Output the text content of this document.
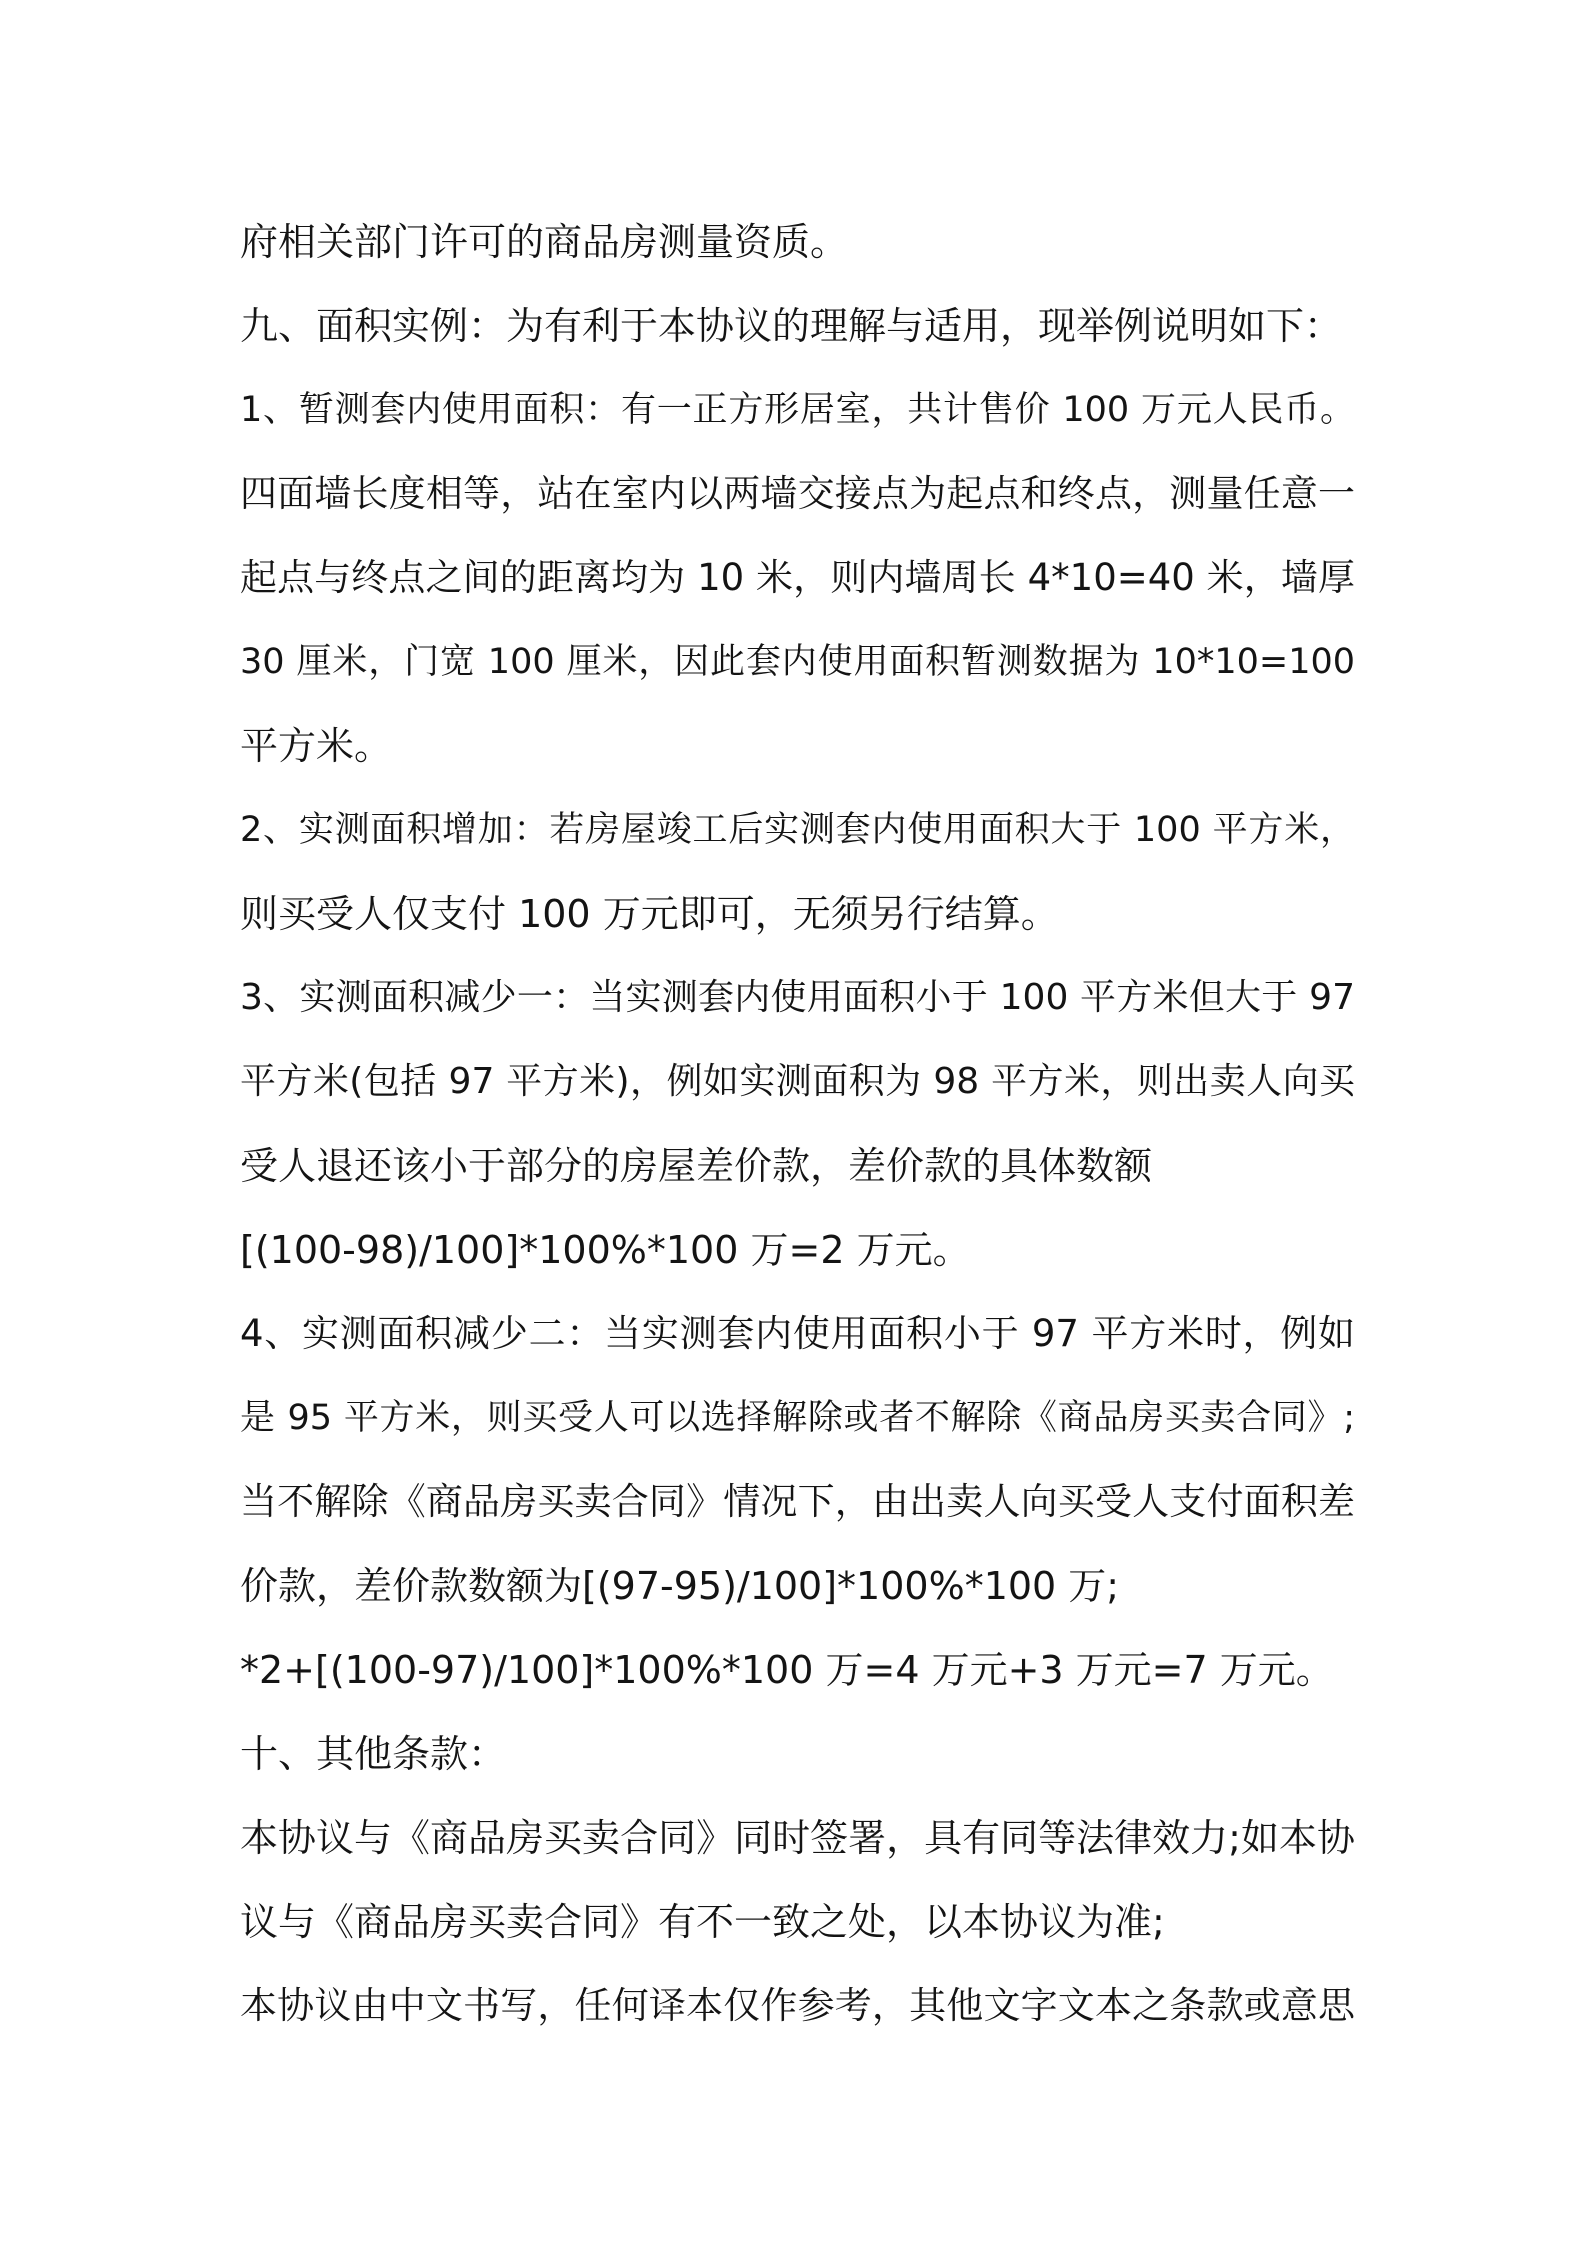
府相关部门许可的商品房测量资质。
九、面积实例：为有利于本协议的理解与适用，现举例说明如下：
1、暂测套内使用面积：有一正方形居室，共计售价 100 万元人民币。
四面墙长度相等，站在室内以两墙交接点为起点和终点，测量任意一
起点与终点之间的距离均为 10 米，则内墙周长 4*10=40 米，墙厚
30 厘米，门宽 100 厘米，因此套内使用面积暂测数据为 10*10=100
平方米。
2、实测面积增加：若房屋竣工后实测套内使用面积大于 100 平方米，
则买受人仅支付 100 万元即可，无须另行结算。
3、实测面积减少一：当实测套内使用面积小于 100 平方米但大于 97
平方米(包括 97 平方米)，例如实测面积为 98 平方米，则出卖人向买
受人退还该小于部分的房屋差价款，差价款的具体数额
[(100-98)/100]*100%*100 万=2 万元。
4、实测面积减少二：当实测套内使用面积小于 97 平方米时，例如
是 95 平方米，则买受人可以选择解除或者不解除《商品房买卖合同》;
当不解除《商品房买卖合同》情况下，由出卖人向买受人支付面积差
价款，差价款数额为[(97-95)/100]*100%*100 万;
*2+[(100-97)/100]*100%*100 万=4 万元+3 万元=7 万元。
十、其他条款：
本协议与《商品房买卖合同》同时签署，具有同等法律效力;如本协
议与《商品房买卖合同》有不一致之处，以本协议为准;
本协议由中文书写，任何译本仅作参考，其他文字文本之条款或意思
